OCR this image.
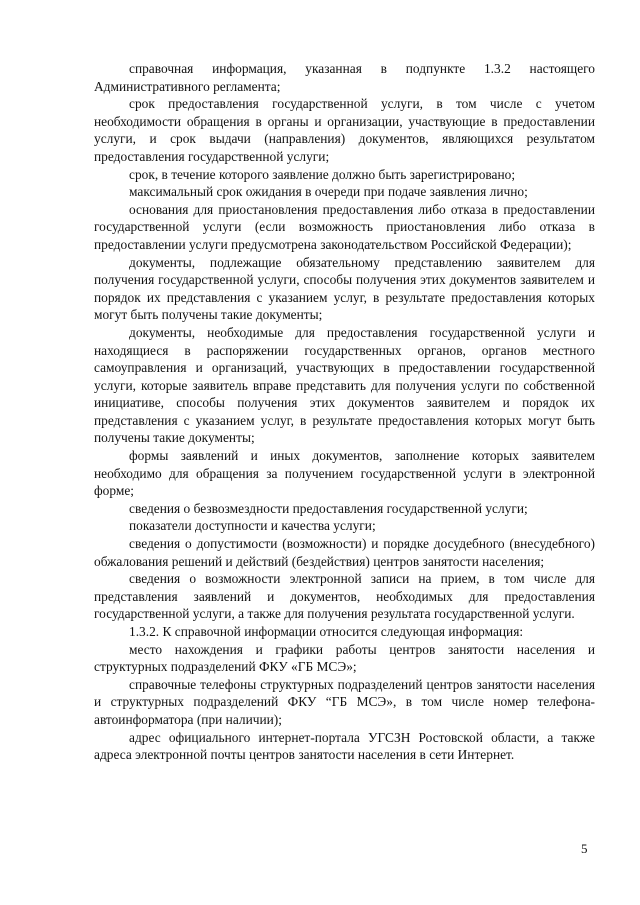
справочная информация, указанная в подпункте 1.3.2 настоящего Административного регламента;

срок предоставления государственной услуги, в том числе с учетом необходимости обращения в органы и организации, участвующие в предоставлении услуги, и срок выдачи (направления) документов, являющихся результатом предоставления государственной услуги;

срок, в течение которого заявление должно быть зарегистрировано;

максимальный срок ожидания в очереди при подаче заявления лично;

основания для приостановления предоставления либо отказа в предоставлении государственной услуги (если возможность приостановления либо отказа в предоставлении услуги предусмотрена законодательством Российской Федерации);

документы, подлежащие обязательному представлению заявителем для получения государственной услуги, способы получения этих документов заявителем и порядок их представления с указанием услуг, в результате предоставления которых могут быть получены такие документы;

документы, необходимые для предоставления государственной услуги и находящиеся в распоряжении государственных органов, органов местного самоуправления и организаций, участвующих в предоставлении государственной услуги, которые заявитель вправе представить для получения услуги по собственной инициативе, способы получения этих документов заявителем и порядок их представления с указанием услуг, в результате предоставления которых могут быть получены такие документы;

формы заявлений и иных документов, заполнение которых заявителем необходимо для обращения за получением государственной услуги в электронной форме;

сведения о безвозмездности предоставления государственной услуги;

показатели доступности и качества услуги;

сведения о допустимости (возможности) и порядке досудебного (внесудебного) обжалования решений и действий (бездействия) центров занятости населения;

сведения о возможности электронной записи на прием, в том числе для представления заявлений и документов, необходимых для предоставления государственной услуги, а также для получения результата государственной услуги.

1.3.2. К справочной информации относится следующая информация:

место нахождения и графики работы центров занятости населения и структурных подразделений ФКУ «ГБ МСЭ»;

справочные телефоны структурных подразделений центров занятости населения и структурных подразделений ФКУ “ГБ МСЭ», в том числе номер телефона-автоинформатора (при наличии);

адрес официального интернет-портала УГСЗН Ростовской области, а также адреса электронной почты центров занятости населения в сети Интернет.

5
